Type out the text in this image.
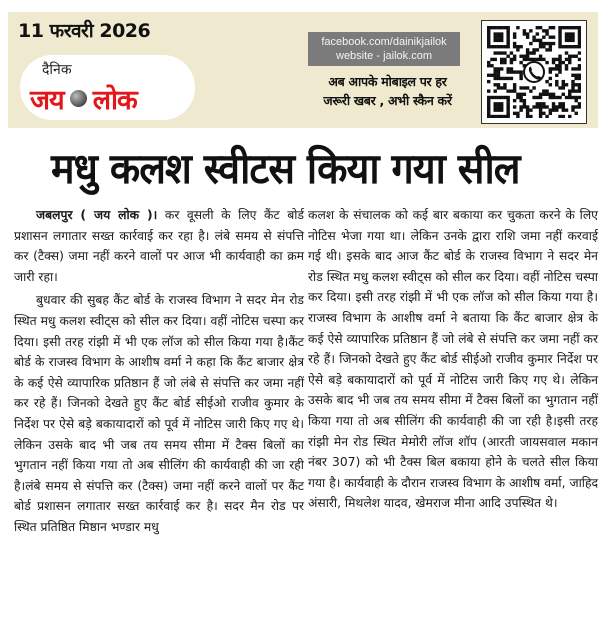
11 फरवरी 2026
दैनिक
जय लोक
facebook.com/dainikjailok
website - jailok.com
अब आपके मोबाइल पर हर
जरूरी खबर , अभी स्कैन करें
मधु कलश स्वीटस किया गया सील

जबलपुर ( जय लोक )। कर वूसली के लिए कैंट बोर्ड प्रशासन लगातार सख्त कार्रवाई कर रहा है। लंबे समय से संपत्ति कर (टैक्स) जमा नहीं करने वालों पर आज भी कार्यवाही का क्रम जारी रहा।

बुधवार की सुबह कैंट बोर्ड के राजस्व विभाग ने सदर मेन रोड स्थित मधु कलश स्वीट्स को सील कर दिया। वहीं नोटिस चस्पा कर दिया। इसी तरह रांझी में भी एक लॉज को सील किया गया है।कैंट बोर्ड के राजस्व विभाग के आशीष वर्मा ने कहा कि कैंट बाजार क्षेत्र के कई ऐसे व्यापारिक प्रतिष्ठान हैं जो लंबे से संपत्ति कर जमा नहीं कर रहे हैं। जिनको देखते हुए कैंट बोर्ड सीईओ राजीव कुमार के निर्देश पर ऐसे बड़े बकायादारों को पूर्व में नोटिस जारी किए गए थे। लेकिन उसके बाद भी जब तय समय सीमा में टैक्स बिलों का भुगतान नहीं किया गया तो अब सीलिंग की कार्यवाही की जा रही है।लंबे समय से संपत्ति कर (टैक्स) जमा नहीं करने वालों पर कैंट बोर्ड प्रशासन लगातार सख्त कार्रवाई कर है। सदर मैन रोड पर स्थित प्रतिष्ठित मिष्ठान भण्डार मधु

कलश के संचालक को कई बार बकाया कर चुकता करने के लिए नोटिस भेजा गया था। लेकिन उनके द्वारा राशि जमा नहीं करवाई गई थी। इसके बाद आज कैंट बोर्ड के राजस्व विभाग ने सदर मेन रोड स्थित मधु कलश स्वीट्स को सील कर दिया। वहीं नोटिस चस्पा कर दिया। इसी तरह रांझी में भी एक लॉज को सील किया गया है।राजस्व विभाग के आशीष वर्मा ने बताया कि कैंट बाजार क्षेत्र के कई ऐसे व्यापारिक प्रतिष्ठान हैं जो लंबे से संपत्ति कर जमा नहीं कर रहे हैं। जिनको देखते हुए कैंट बोर्ड सीईओ राजीव कुमार निर्देश पर ऐसे बड़े बकायादारों को पूर्व में नोटिस जारी किए गए थे। लेकिन उसके बाद भी जब तय समय सीमा में टैक्स बिलों का भुगतान नहीं किया गया तो अब सीलिंग की कार्यवाही की जा रही है।इसी तरह रांझी मेन रोड स्थित मेमोरी लॉज शॉप (आरती जायसवाल मकान नंबर 307) को भी टैक्स बिल बकाया होने के चलते सील किया गया है। कार्यवाही के दौरान राजस्व विभाग के आशीष वर्मा, जाहिद अंसारी, मिथलेश यादव, खेमराज मीना आदि उपस्थित थे।
